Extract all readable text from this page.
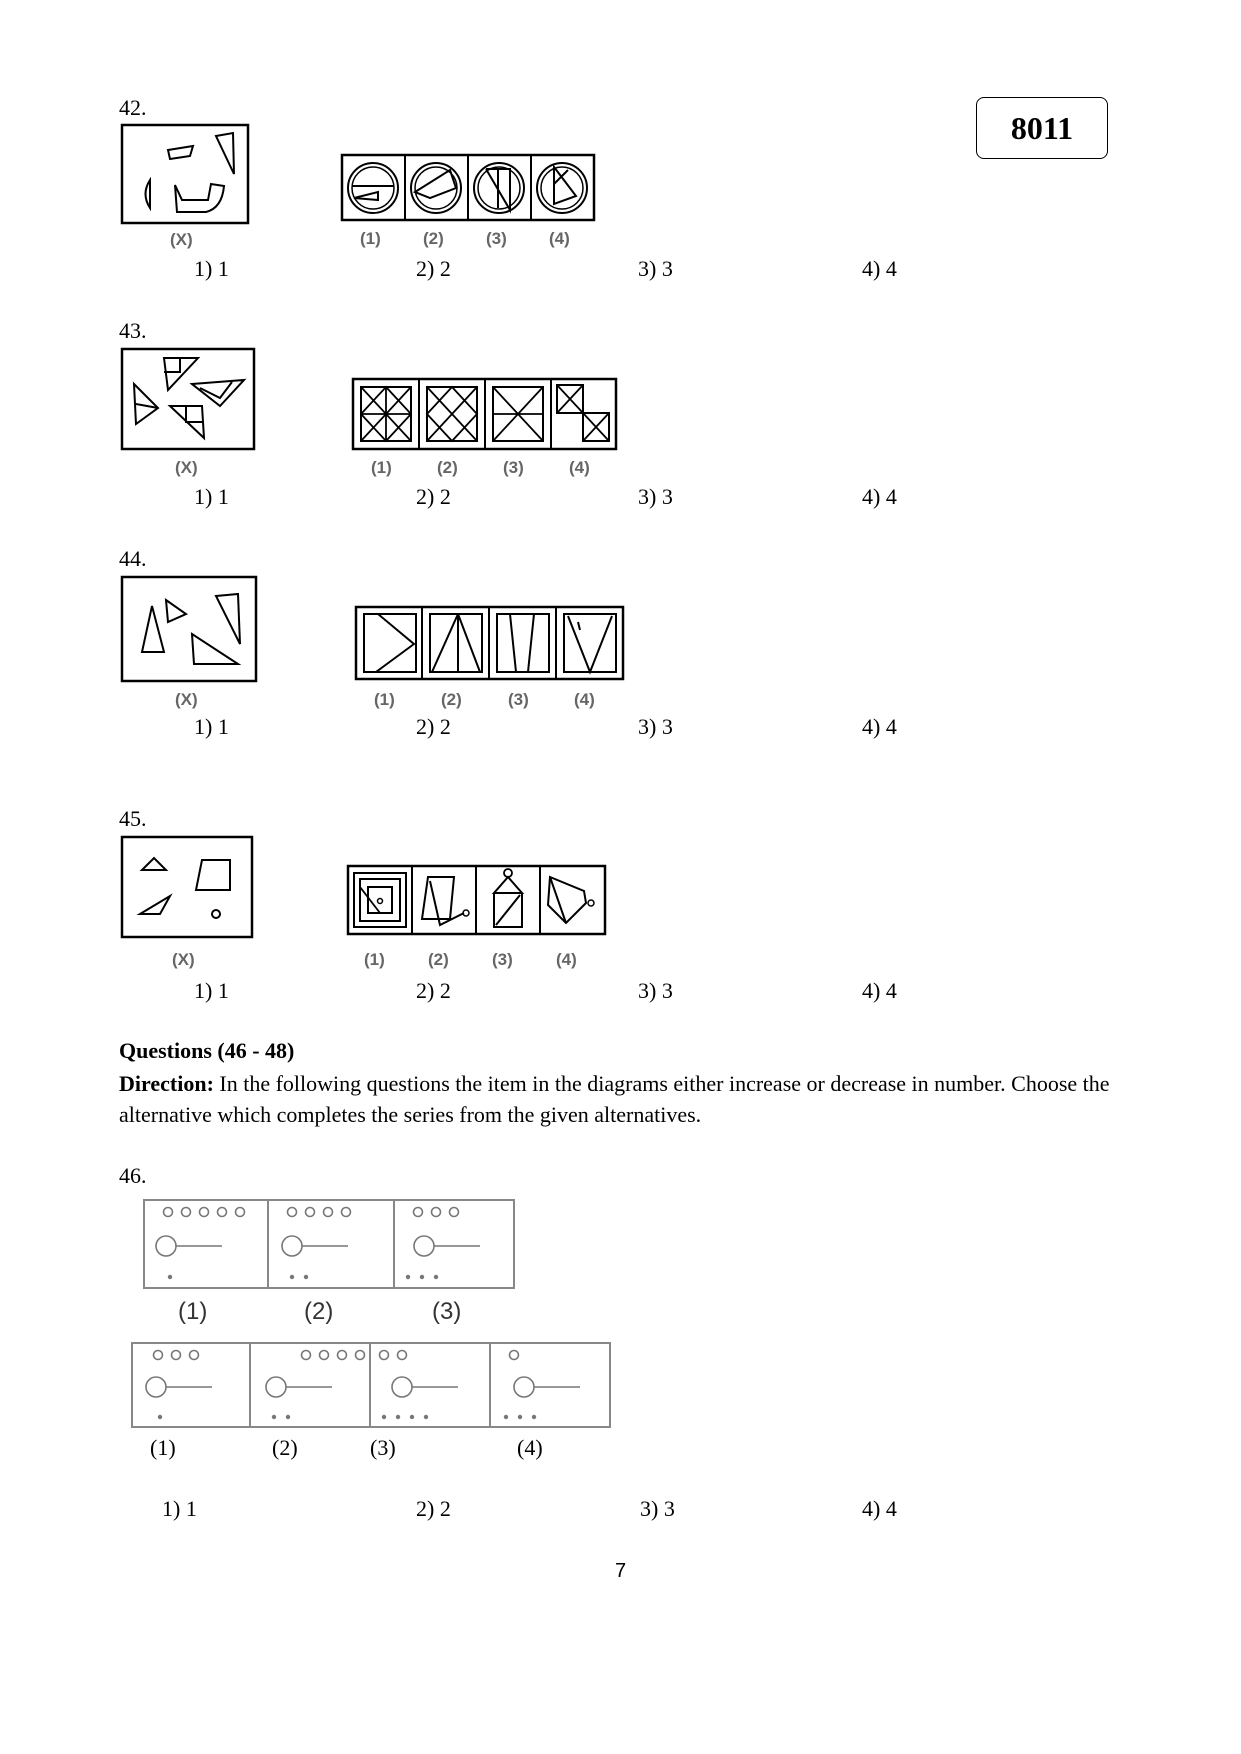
8011
42.
(X)	(1) (2) (3) (4)
1) 1	2) 2	3) 3	4) 4
43.
(X)	(1)	(2)	(3)	(4)
1) 1	2) 2	3) 3	4) 4
44.
(X)	(1)	(2)	(3)	(4)
1) 1	2) 2	3) 3	4) 4
45.
(X)	(1)	(2)	(3)	(4)
1) 1	2) 2	3) 3	4) 4
Questions (46 - 48)
Direction: In the following questions the item in the diagrams either increase or decrease in number. Choose the alternative which completes the series from the given alternatives.
46.
(1)	(2)	(3)
(1)	(2)	(3)	(4)
1) 1	2) 2	3) 3	4) 4
7
